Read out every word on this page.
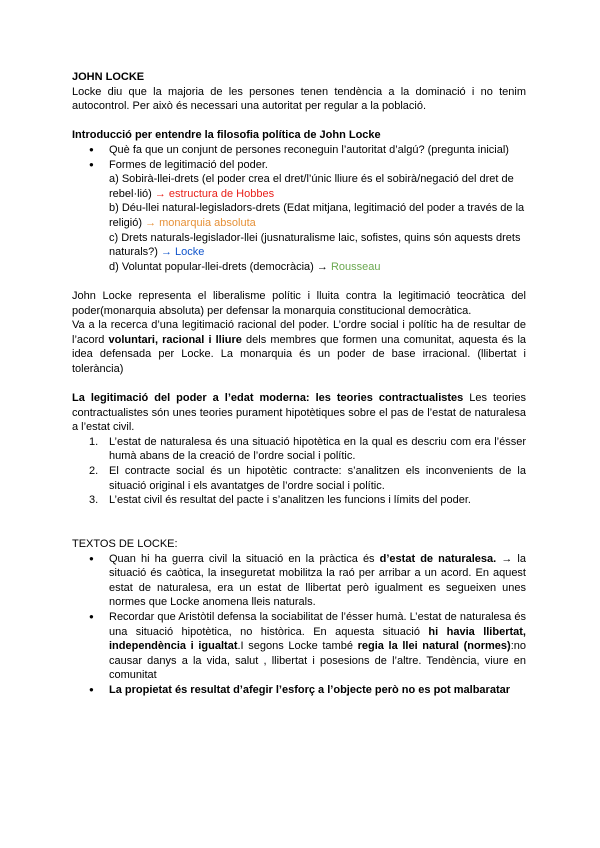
JOHN LOCKE

Locke diu que la majoria de les persones tenen tendència a la dominació i no tenim autocontrol. Per això és necessari una autoritat per regular a la població.

Introducció per entendre la filosofia política de John Locke

● Què fa que un conjunt de persones reconeguin l’autoritat d’algú? (pregunta inicial)
● Formes de legitimació del poder.
a) Sobirà-llei-drets (el poder crea el dret/l’únic lliure és el sobirà/negació del dret de rebel·lió) → estructura de Hobbes
b) Déu-llei natural-legisladors-drets (Edat mitjana, legitimació del poder a través de la religió) → monarquia absoluta
c) Drets naturals-legislador-llei (jusnaturalisme laic, sofistes, quins són aquests drets naturals?) → Locke
d) Voluntat popular-llei-drets (democràcia) → Rousseau

John Locke representa el liberalisme polític i lluita contra la legitimació teocràtica del poder(monarquia absoluta) per defensar la monarquia constitucional democràtica.

Va a la recerca d’una legitimació racional del poder. L’ordre social i polític ha de resultar de l’acord voluntari, racional i lliure dels membres que formen una comunitat, aquesta és la idea defensada per Locke. La monarquia és un poder de base irracional. (llibertat i tolerància)

La legitimació del poder a l’edat moderna: les teories contractualistes Les teories contractualistes són unes teories purament hipotètiques sobre el pas de l’estat de naturalesa a l’estat civil.

1. L’estat de naturalesa és una situació hipotètica en la qual es descriu com era l’ésser humà abans de la creació de l’ordre social i polític.
2. El contracte social és un hipotètic contracte: s’analitzen els inconvenients de la situació original i els avantatges de l’ordre social i polític.
3. L’estat civil és resultat del pacte i s’analitzen les funcions i límits del poder.

TEXTOS DE LOCKE:

● Quan hi ha guerra civil la situació en la pràctica és d’estat de naturalesa. → la situació és caòtica, la inseguretat mobilitza la raó per arribar a un acord. En aquest estat de naturalesa, era un estat de llibertat però igualment es segueixen unes normes que Locke anomena lleis naturals.
● Recordar que Aristòtil defensa la sociabilitat de l’ésser humà. L’estat de naturalesa és una situació hipotètica, no històrica. En aquesta situació hi havia llibertat, independència i igualtat.I segons Locke també regia la llei natural (normes):no causar danys a la vida, salut , llibertat i posesions de l’altre. Tendència, viure en comunitat
● La propietat és resultat d’afegir l’esforç a l’objecte però no es pot malbaratar
